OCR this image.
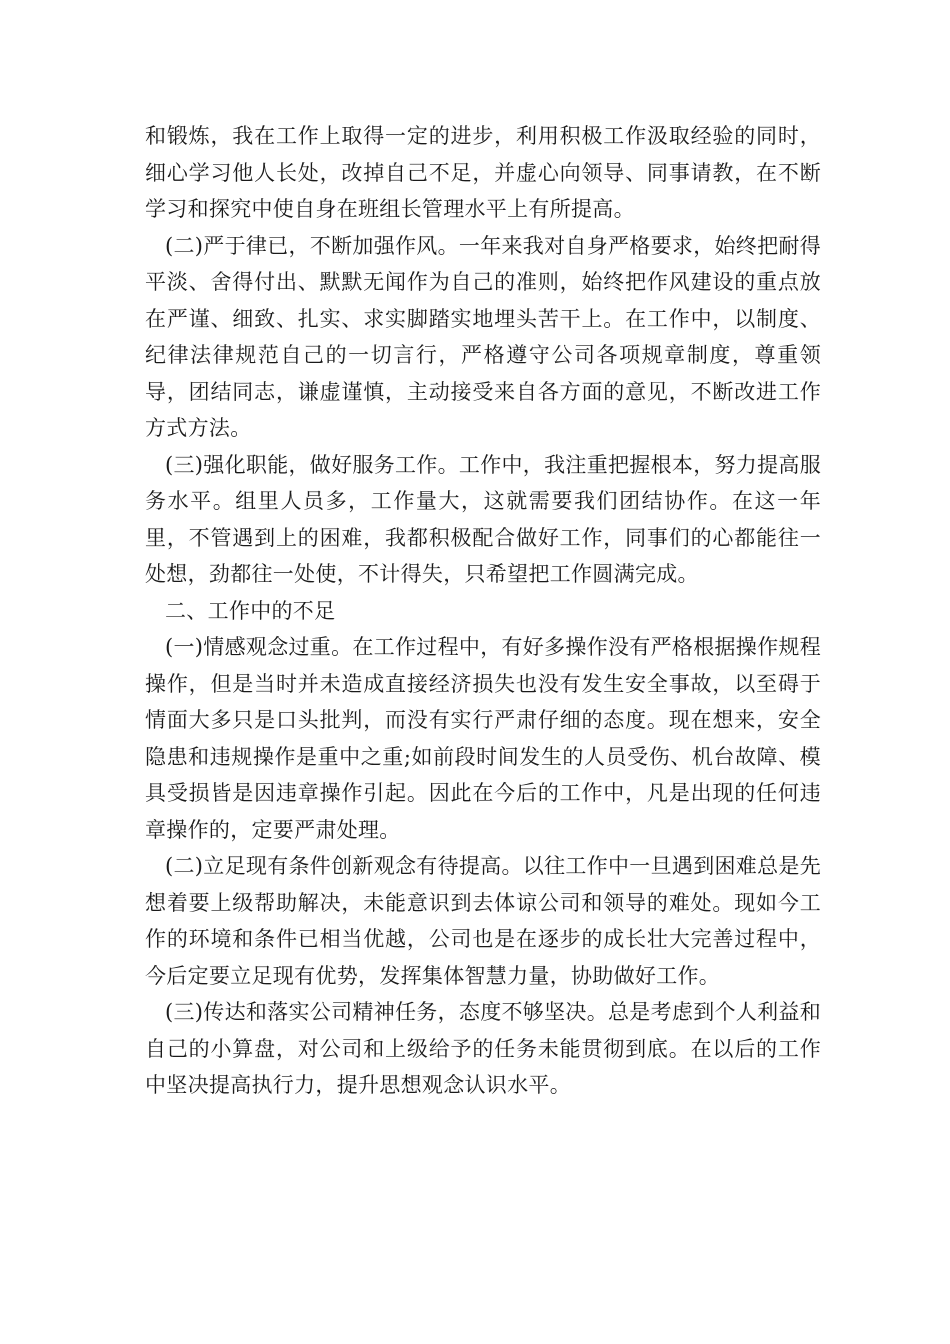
和锻炼，我在工作上取得一定的进步，利用积极工作汲取经验的同时，细心学习他人长处，改掉自己不足，并虚心向领导、同事请教，在不断学习和探究中使自身在班组长管理水平上有所提高。

(二)严于律已，不断加强作风。一年来我对自身严格要求，始终把耐得平淡、舍得付出、默默无闻作为自己的准则，始终把作风建设的重点放在严谨、细致、扎实、求实脚踏实地埋头苦干上。在工作中，以制度、纪律法律规范自己的一切言行，严格遵守公司各项规章制度，尊重领导，团结同志，谦虚谨慎，主动接受来自各方面的意见，不断改进工作方式方法。

(三)强化职能，做好服务工作。工作中，我注重把握根本，努力提高服务水平。组里人员多，工作量大，这就需要我们团结协作。在这一年里，不管遇到上的困难，我都积极配合做好工作，同事们的心都能往一处想，劲都往一处使，不计得失，只希望把工作圆满完成。

二、工作中的不足

(一)情感观念过重。在工作过程中，有好多操作没有严格根据操作规程操作，但是当时并未造成直接经济损失也没有发生安全事故，以至碍于情面大多只是口头批判，而没有实行严肃仔细的态度。现在想来，安全隐患和违规操作是重中之重;如前段时间发生的人员受伤、机台故障、模具受损皆是因违章操作引起。因此在今后的工作中，凡是出现的任何违章操作的，定要严肃处理。

(二)立足现有条件创新观念有待提高。以往工作中一旦遇到困难总是先想着要上级帮助解决，未能意识到去体谅公司和领导的难处。现如今工作的环境和条件已相当优越，公司也是在逐步的成长壮大完善过程中，今后定要立足现有优势，发挥集体智慧力量，协助做好工作。

(三)传达和落实公司精神任务，态度不够坚决。总是考虑到个人利益和自己的小算盘，对公司和上级给予的任务未能贯彻到底。在以后的工作中坚决提高执行力，提升思想观念认识水平。
